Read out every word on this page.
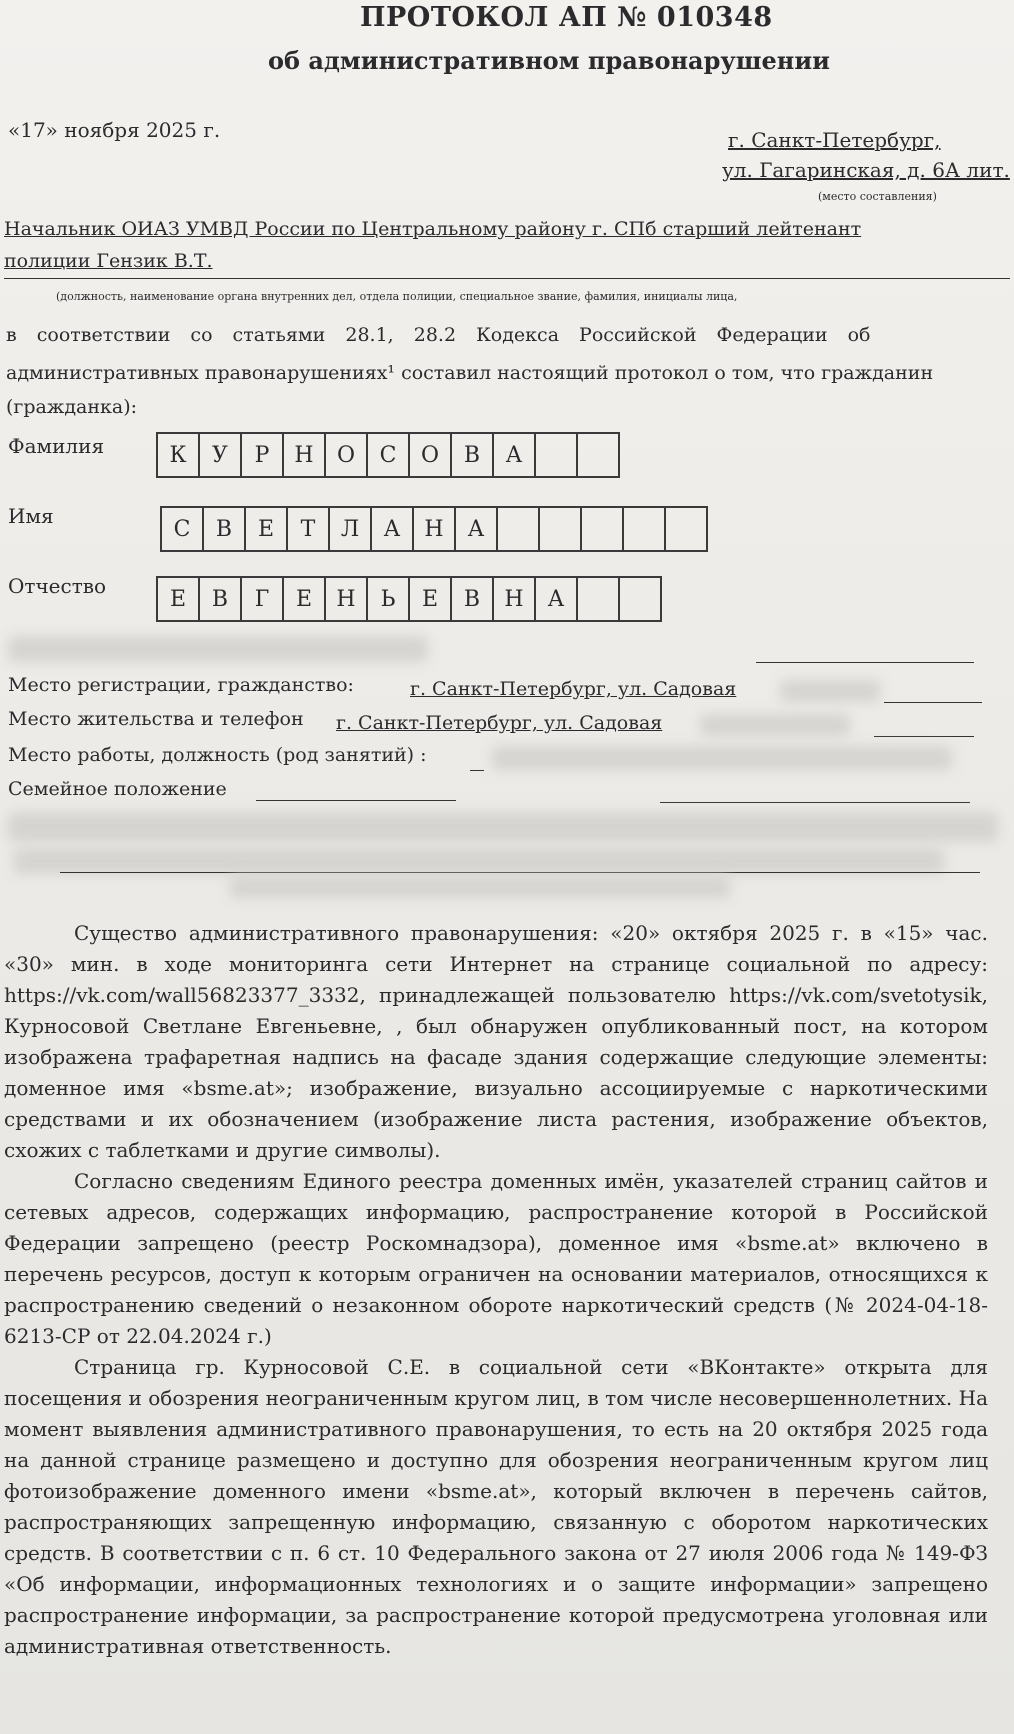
ПРОТОКОЛ АП № 010348
об административном правонарушении
«17» ноября 2025 г.	г. Санкт-Петербург,
ул. Гагаринская, д. 6А лит.
(место составления)
Начальник ОИАЗ УМВД России по Центральному району г. СПб старший лейтенант
полиции Гензик В.Т.
(должность, наименование органа внутренних дел, отдела полиции, специальное звание, фамилия, инициалы лица,
в соответствии со статьями 28.1, 28.2 Кодекса Российской Федерации об
административных правонарушениях¹ составил настоящий протокол о том, что гражданин
(гражданка):
Фамилия	К	У	Р	Н	О	С	О	В	А
Имя
С	В	Е	Т	Л	А	Н	А
Отчество
Е	В	Г	Е	Н	Ь	Е	В	Н	А
Место регистрации, гражданство:	г. Санкт-Петербург, ул. Садовая
Место жительства и телефон г. Санкт-Петербург, ул. Садовая
Место работы, должность (род занятий) :
Семейное положение

Существо административного правонарушения: «20» октября 2025 г. в «15» час. «30» мин. в ходе мониторинга сети Интернет на странице социальной по адресу: https://vk.com/wall56823377_3332, принадлежащей пользователю https://vk.com/svetotysik, Курносовой Светлане Евгеньевне, , был обнаружен опубликованный пост, на котором изображена трафаретная надпись на фасаде здания содержащие следующие элементы: доменное имя «bsme.at»; изображение, визуально ассоциируемые с наркотическими средствами и их обозначением (изображение листа растения, изображение объектов, схожих с таблетками и другие символы).

Согласно сведениям Единого реестра доменных имён, указателей страниц сайтов и сетевых адресов, содержащих информацию, распространение которой в Российской Федерации запрещено (реестр Роскомнадзора), доменное имя «bsme.at» включено в перечень ресурсов, доступ к которым ограничен на основании материалов, относящихся к распространению сведений о незаконном обороте наркотический средств (№ 2024-04-18-6213-СР от 22.04.2024 г.)

Страница гр. Курносовой С.Е. в социальной сети «ВКонтакте» открыта для посещения и обозрения неограниченным кругом лиц, в том числе несовершеннолетних. На момент выявления административного правонарушения, то есть на 20 октября 2025 года на данной странице размещено и доступно для обозрения неограниченным кругом лиц фотоизображение доменного имени «bsme.at», который включен в перечень сайтов, распространяющих запрещенную информацию, связанную с оборотом наркотических средств. В соответствии с п. 6 ст. 10 Федерального закона от 27 июля 2006 года № 149-ФЗ «Об информации, информационных технологиях и о защите информации» запрещено распространение информации, за распространение которой предусмотрена уголовная или административная ответственность.
